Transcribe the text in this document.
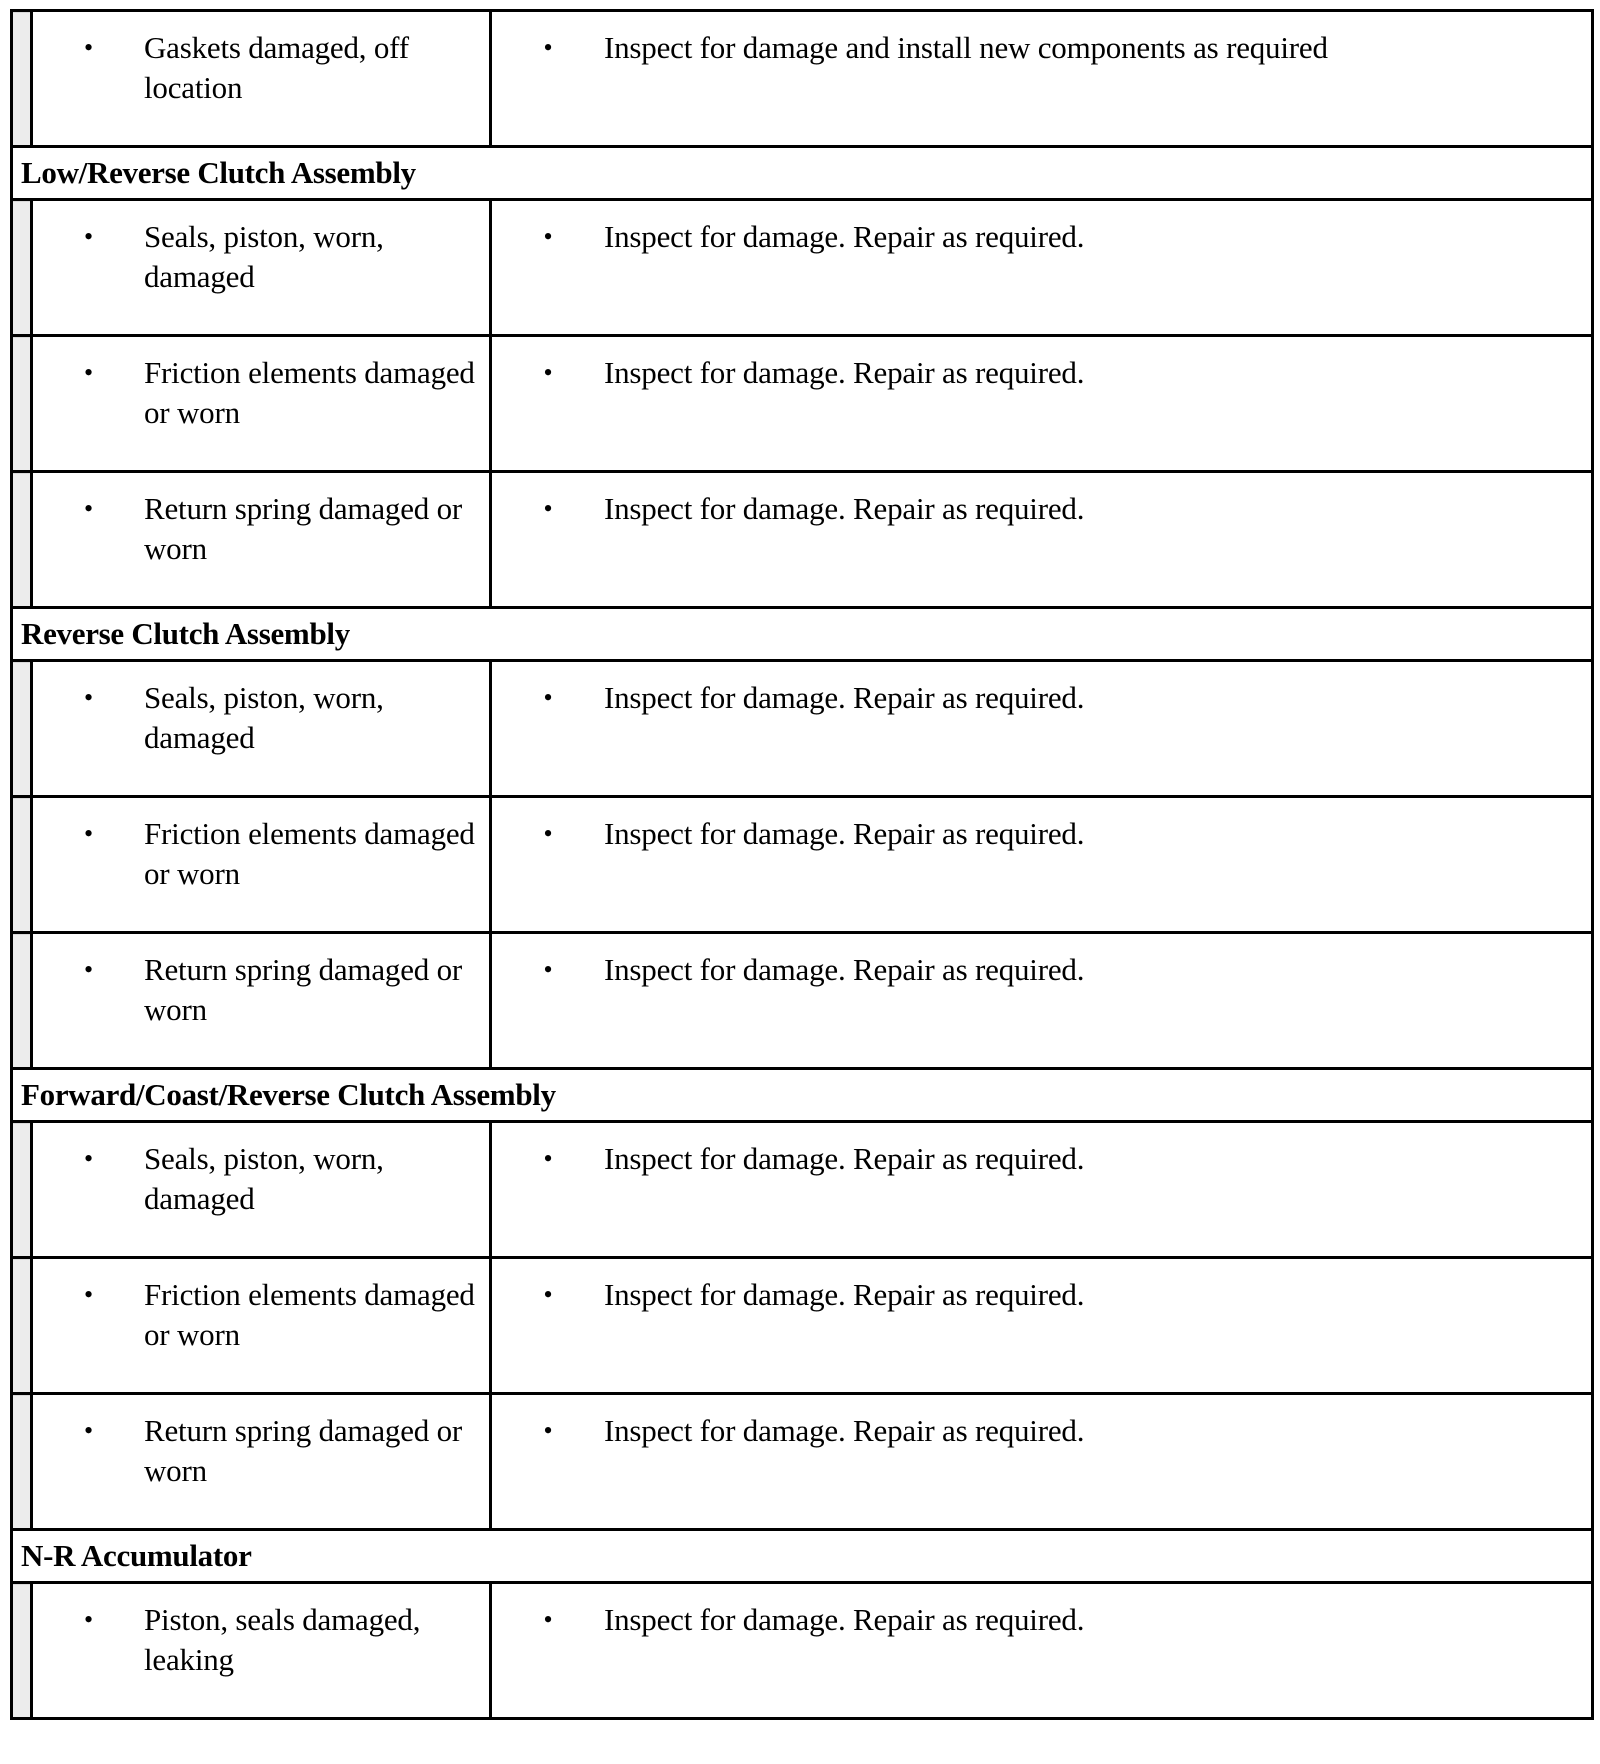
	• Gaskets damaged, off location	• Inspect for damage and install new components as required

Low/Reverse Clutch Assembly		

	• Seals, piston, worn, damaged	• Inspect for damage. Repair as required.

	• Friction elements damaged or worn	• Inspect for damage. Repair as required.

	• Return spring damaged or worn	• Inspect for damage. Repair as required.

Reverse Clutch Assembly		

	• Seals, piston, worn, damaged	• Inspect for damage. Repair as required.

	• Friction elements damaged or worn	• Inspect for damage. Repair as required.

	• Return spring damaged or worn	• Inspect for damage. Repair as required.

Forward/Coast/Reverse Clutch Assembly		

	• Seals, piston, worn, damaged	• Inspect for damage. Repair as required.

	• Friction elements damaged or worn	• Inspect for damage. Repair as required.

	• Return spring damaged or worn	• Inspect for damage. Repair as required.

N-R Accumulator		

	• Piston, seals damaged, leaking	• Inspect for damage. Repair as required.
